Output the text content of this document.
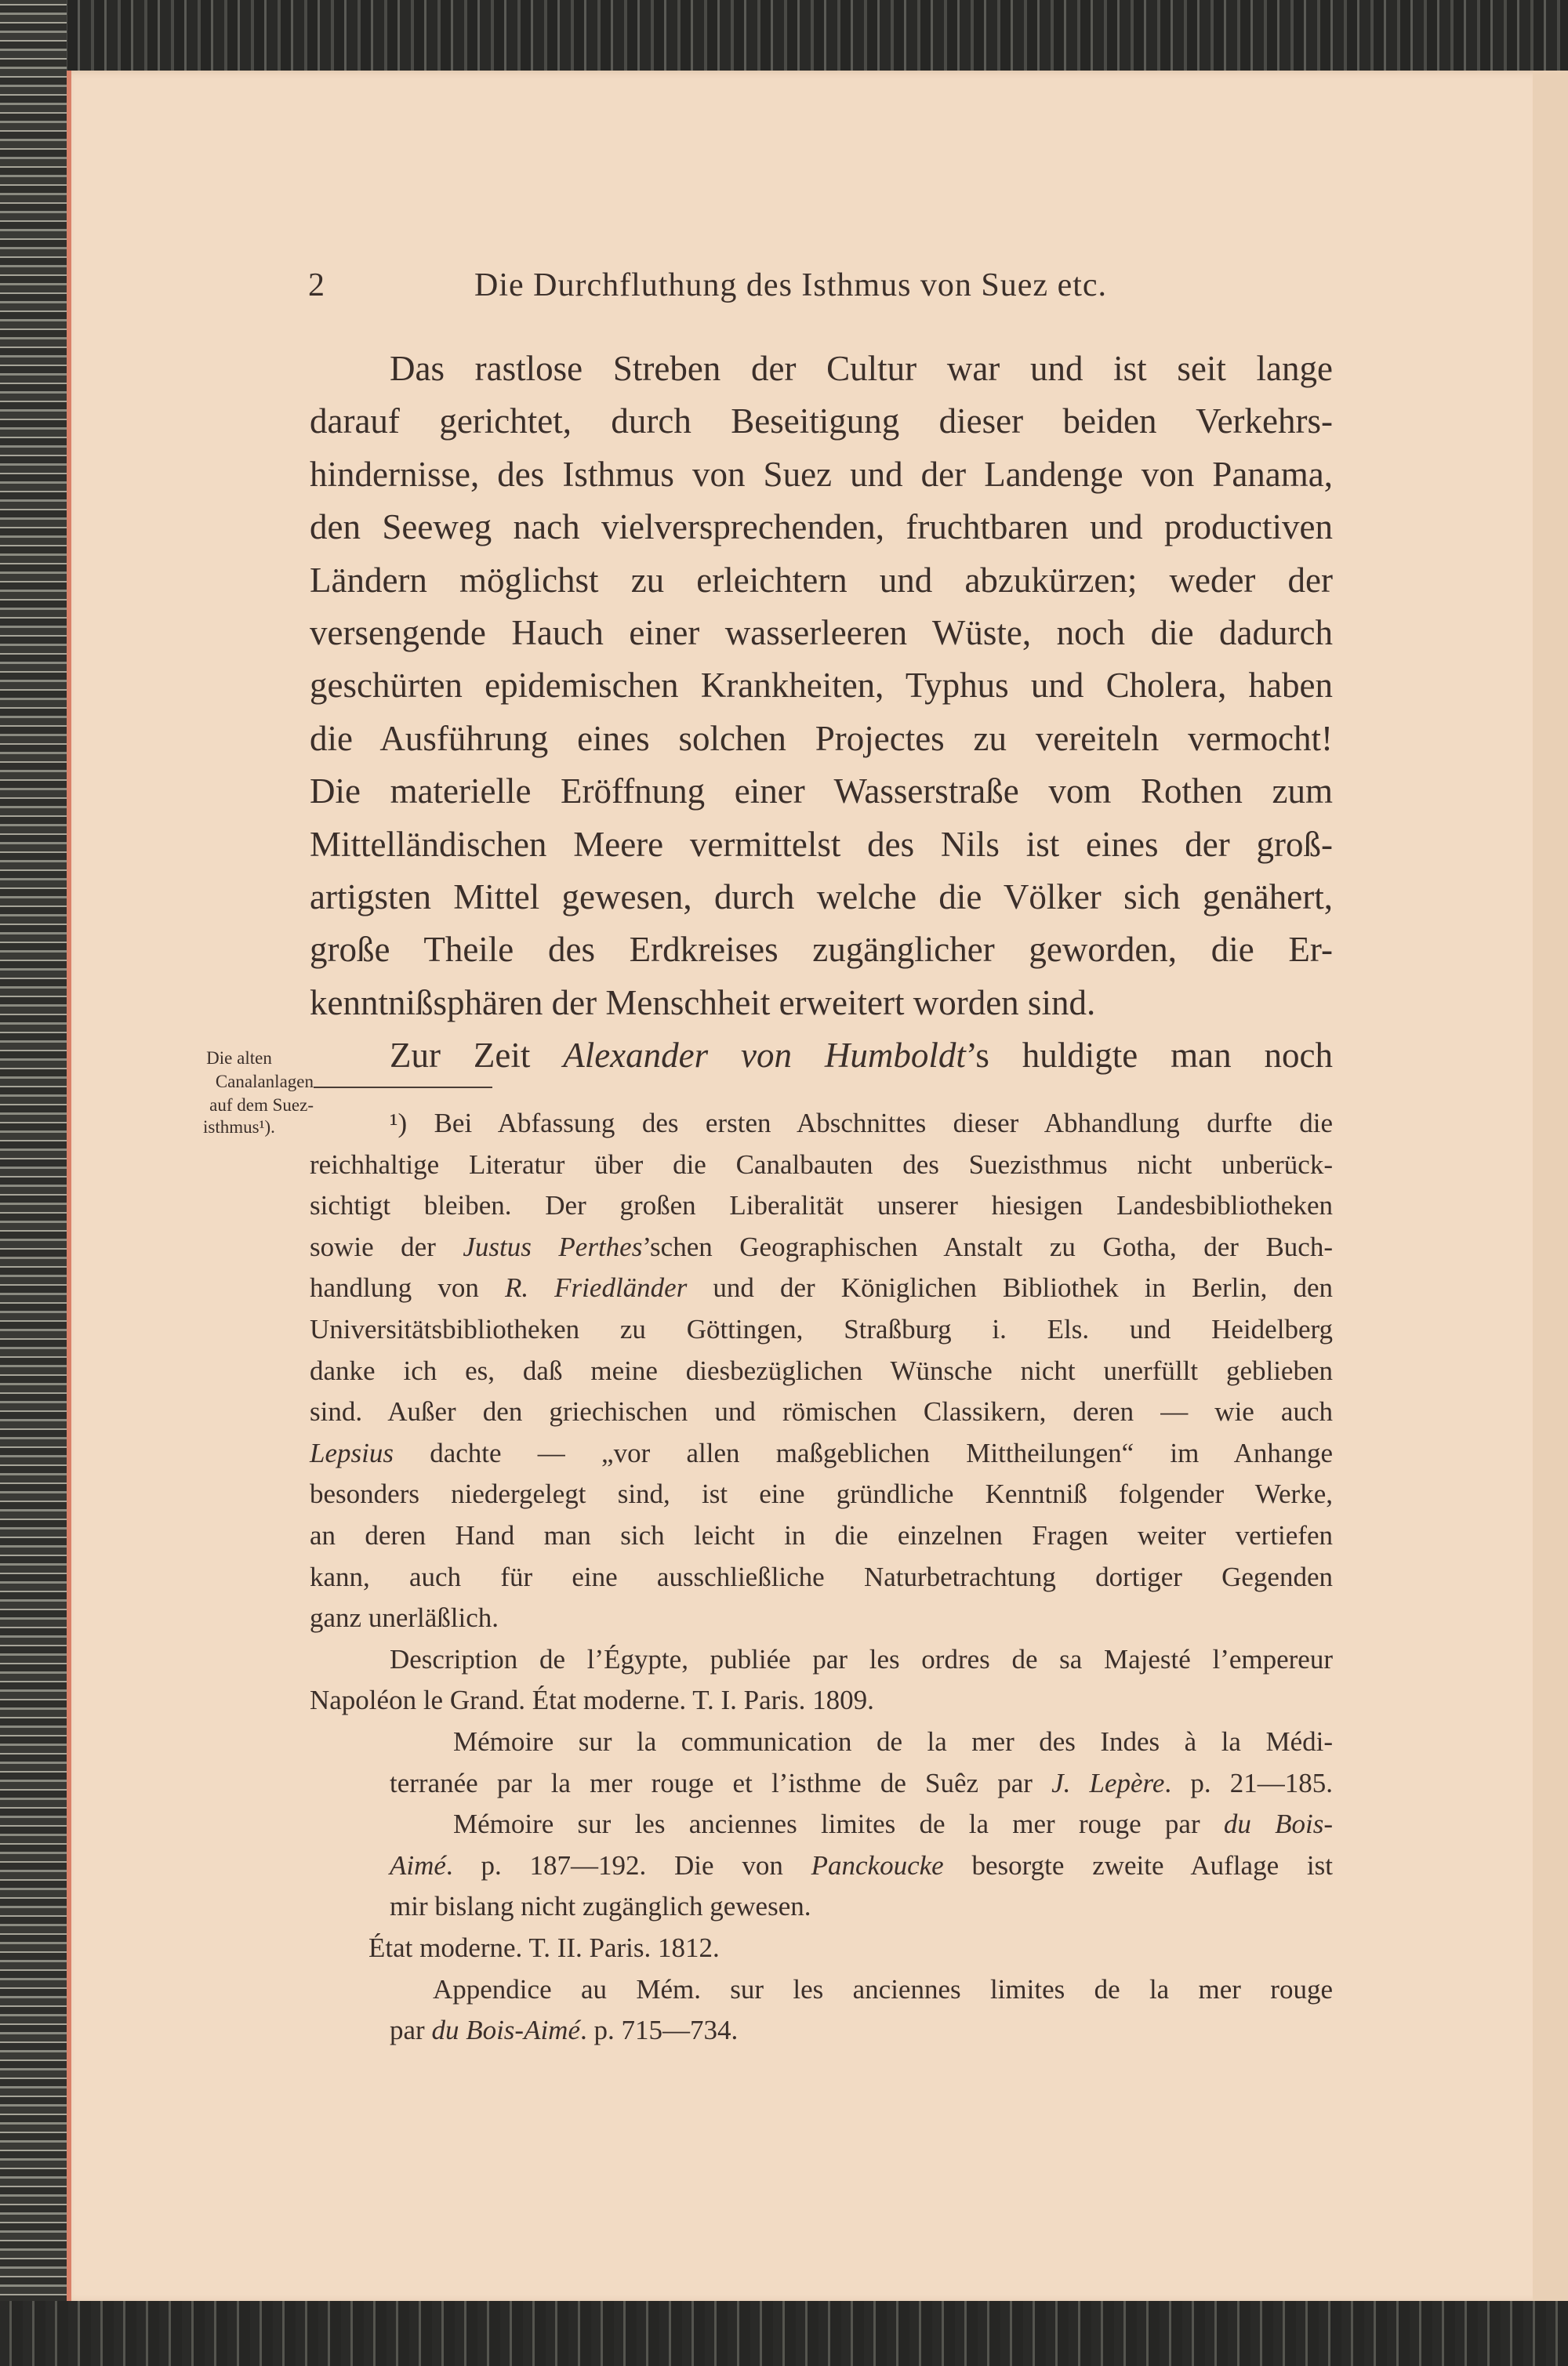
2	Die Durchfluthung des Isthmus von Suez etc.
Die alten
Canalanlagen
auf dem Suez-
isthmus¹).
Das rastlose Streben der Cultur war und ist seit lange
darauf gerichtet, durch Beseitigung dieser beiden Verkehrs-
hindernisse, des Isthmus von Suez und der Landenge von Panama,
den Seeweg nach vielversprechenden, fruchtbaren und productiven
Ländern möglichst zu erleichtern und abzukürzen; weder der
versengende Hauch einer wasserleeren Wüste, noch die dadurch
geschürten epidemischen Krankheiten, Typhus und Cholera, haben
die Ausführung eines solchen Projectes zu vereiteln vermocht!
Die materielle Eröffnung einer Wasserstraße vom Rothen zum
Mittelländischen Meere vermittelst des Nils ist eines der groß-
artigsten Mittel gewesen, durch welche die Völker sich genähert,
große Theile des Erdkreises zugänglicher geworden, die Er-
kenntnißsphären der Menschheit erweitert worden sind.
Zur Zeit Alexander von Humboldt’s huldigte man noch
¹) Bei Abfassung des ersten Abschnittes dieser Abhandlung durfte die
reichhaltige Literatur über die Canalbauten des Suezisthmus nicht unberück-
sichtigt bleiben. Der großen Liberalität unserer hiesigen Landesbibliotheken
sowie der Justus Perthes’schen Geographischen Anstalt zu Gotha, der Buch-
handlung von R. Friedländer und der Königlichen Bibliothek in Berlin, den
Universitätsbibliotheken zu Göttingen, Straßburg i. Els. und Heidelberg
danke ich es, daß meine diesbezüglichen Wünsche nicht unerfüllt geblieben
sind. Außer den griechischen und römischen Classikern, deren — wie auch
Lepsius dachte — „vor allen maßgeblichen Mittheilungen“ im Anhange
besonders niedergelegt sind, ist eine gründliche Kenntniß folgender Werke,
an deren Hand man sich leicht in die einzelnen Fragen weiter vertiefen
kann, auch für eine ausschließliche Naturbetrachtung dortiger Gegenden
ganz unerläßlich.
Description de l’Égypte, publiée par les ordres de sa Majesté l’empereur
Napoléon le Grand. État moderne. T. I. Paris. 1809.
Mémoire sur la communication de la mer des Indes à la Médi-
terranée par la mer rouge et l’isthme de Suêz par J. Lepère. p. 21—185.
Mémoire sur les anciennes limites de la mer rouge par du Bois-
Aimé. p. 187—192. Die von Panckoucke besorgte zweite Auflage ist
mir bislang nicht zugänglich gewesen.
État moderne. T. II. Paris. 1812.
Appendice au Mém. sur les anciennes limites de la mer rouge
par du Bois-Aimé. p. 715—734.
